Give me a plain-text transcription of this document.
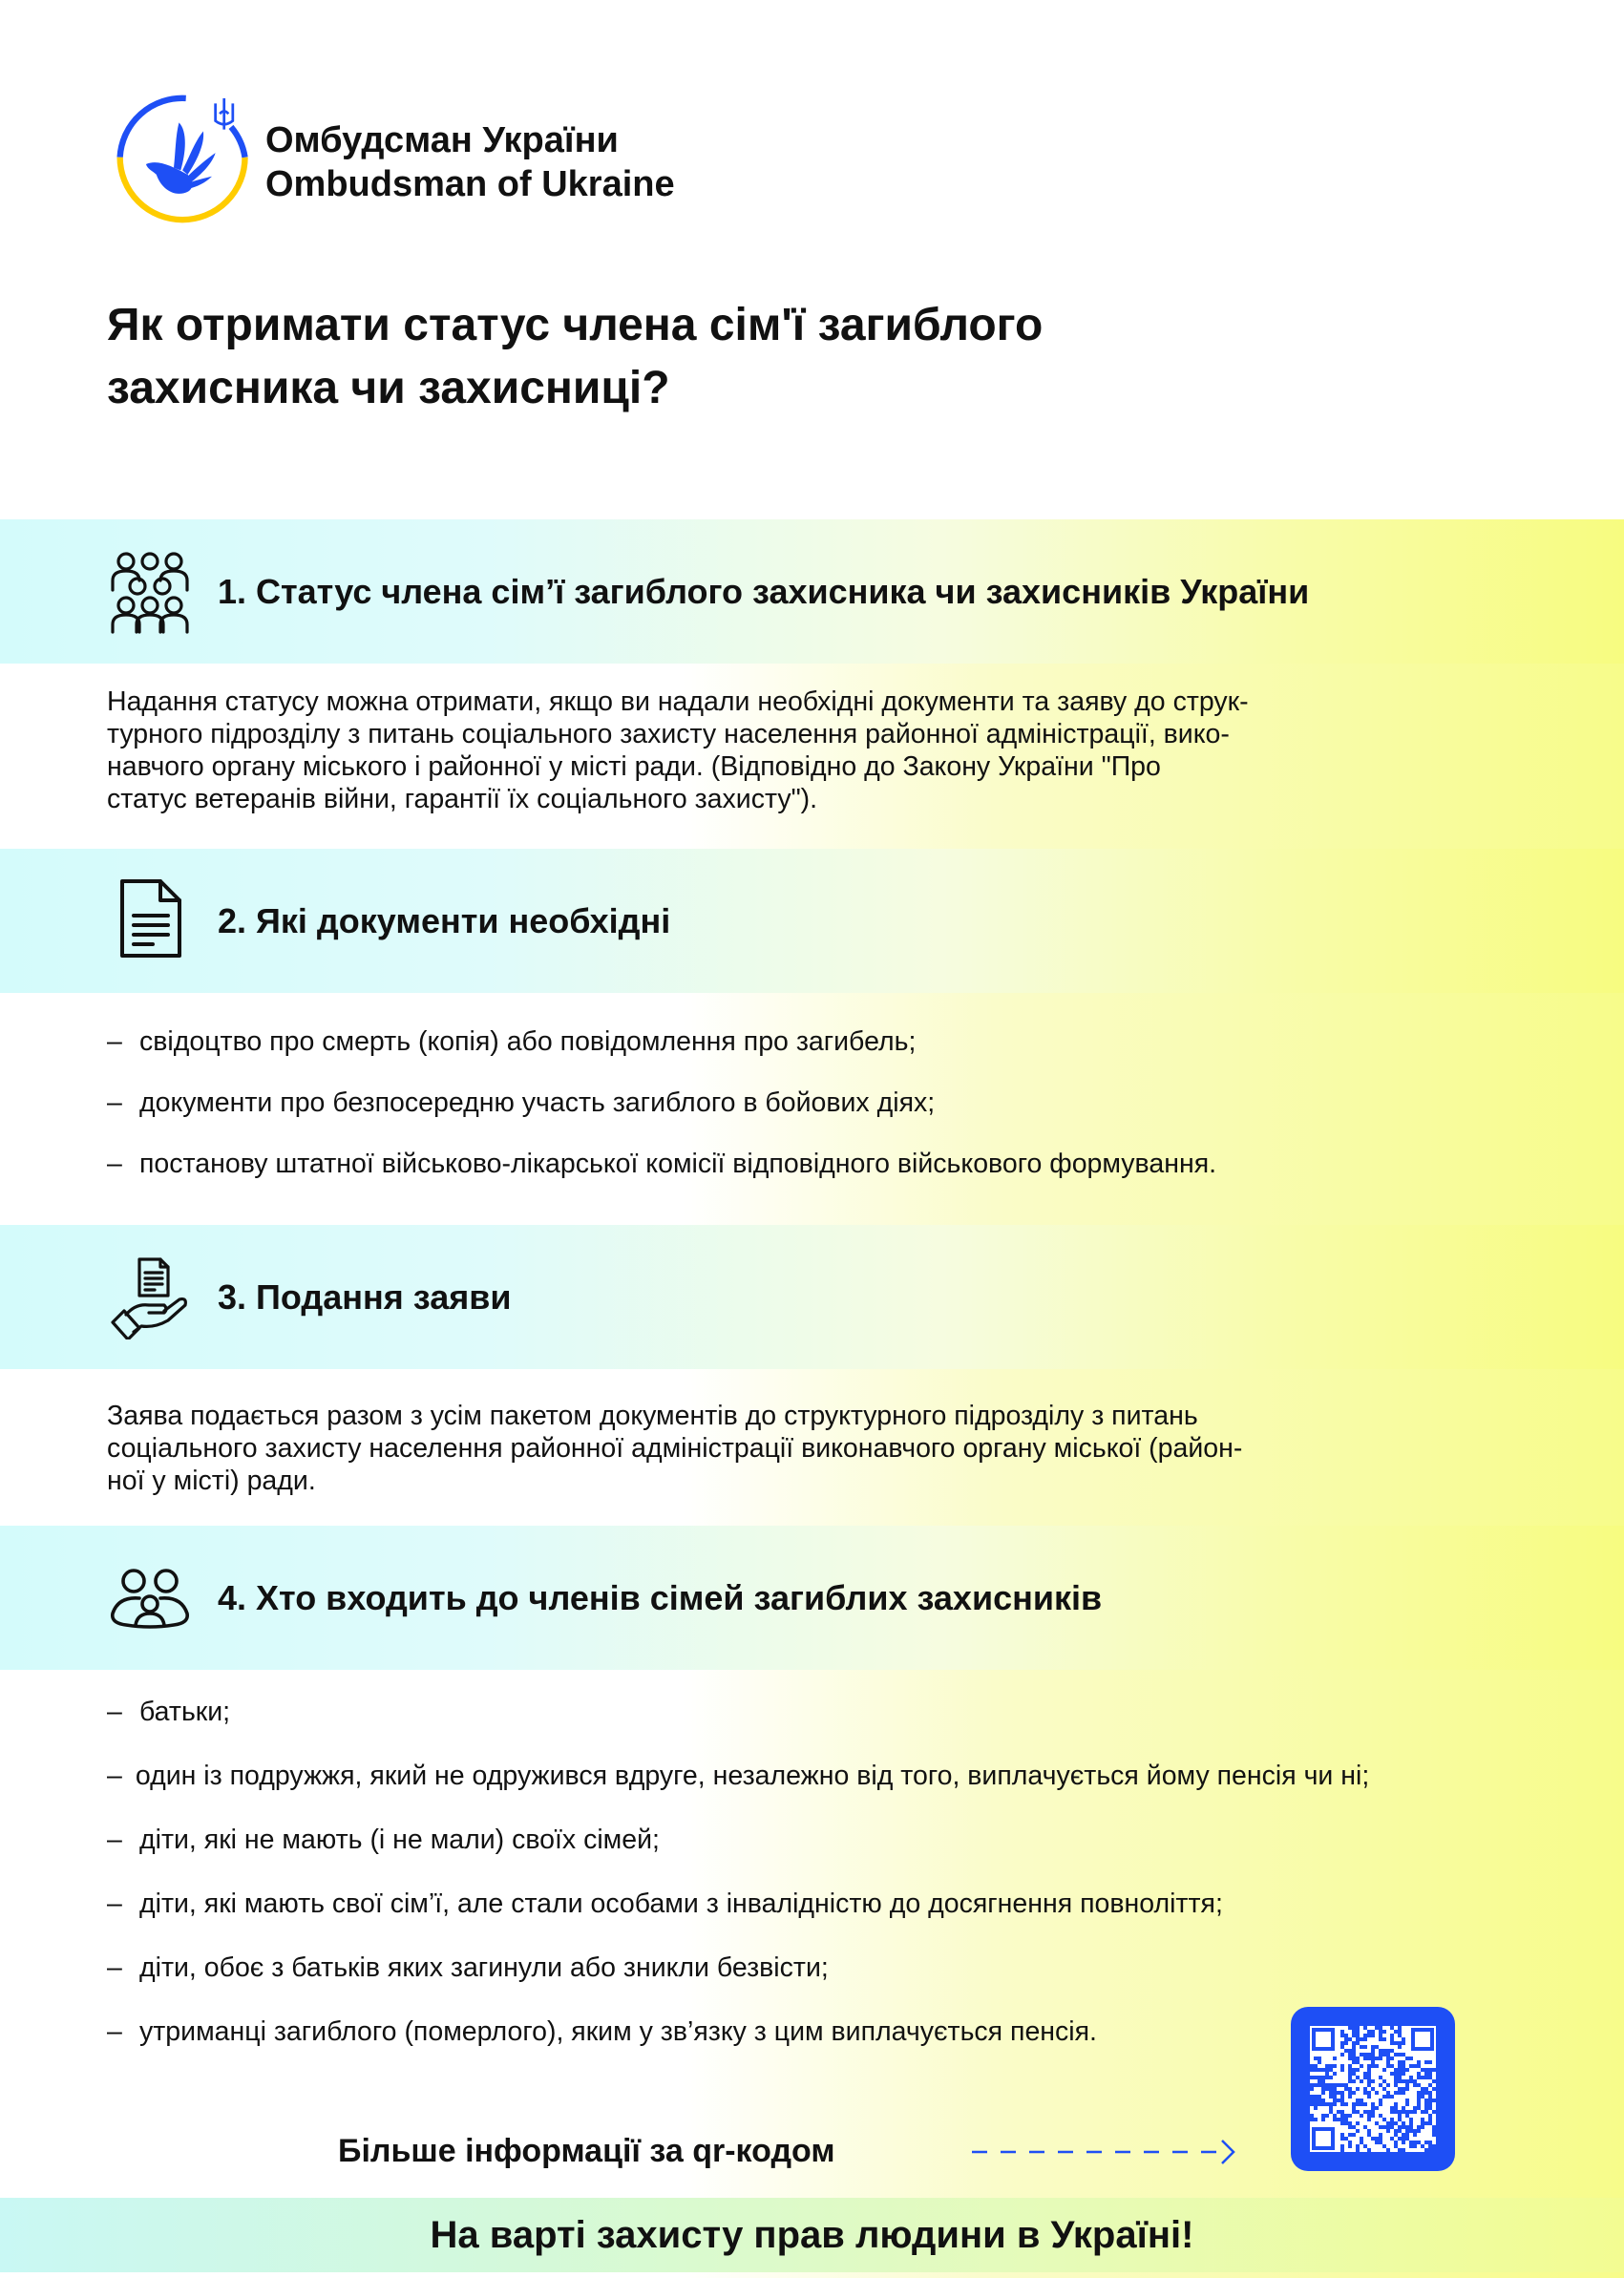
Омбудсман України
Ombudsman of Ukraine
Як отримати статус члена сім'ї загиблого
захисника чи захисниці?
1. Статус члена сім’ї загиблого захисника чи захисників України
Надання статусу можна отримати, якщо ви надали необхідні документи та заяву до струк-
турного підрозділу з питань соціального захисту населення районної адміністрації, вико-
навчого органу міського і районної у місті ради. (Відповідно до Закону України "Про
статус ветеранів війни, гарантії їх соціального захисту").
2. Які документи необхідні
– свідоцтво про смерть (копія) або повідомлення про загибель;
– документи про безпосередню участь загиблого в бойових діях;
– постанову штатної військово-лікарської комісії відповідного військового формування.
3. Подання заяви
Заява подається разом з усім пакетом документів до структурного підрозділу з питань
соціального захисту населення районної адміністрації виконавчого органу міської (район-
ної у місті) ради.
4. Хто входить до членів сімей загиблих захисників
– батьки;
– один із подружжя, який не одружився вдруге, незалежно від того, виплачується йому пенсія чи ні;
– діти, які не мають (і не мали) своїх сімей;
– діти, які мають свої сім’ї, але стали особами з інвалідністю до досягнення повноліття;
– діти, обоє з батьків яких загинули або зникли безвісти;
– утриманці загиблого (померлого), яким у зв’язку з цим виплачується пенсія.
Більше інформації за qr-кодом
На варті захисту прав людини в Україні!
